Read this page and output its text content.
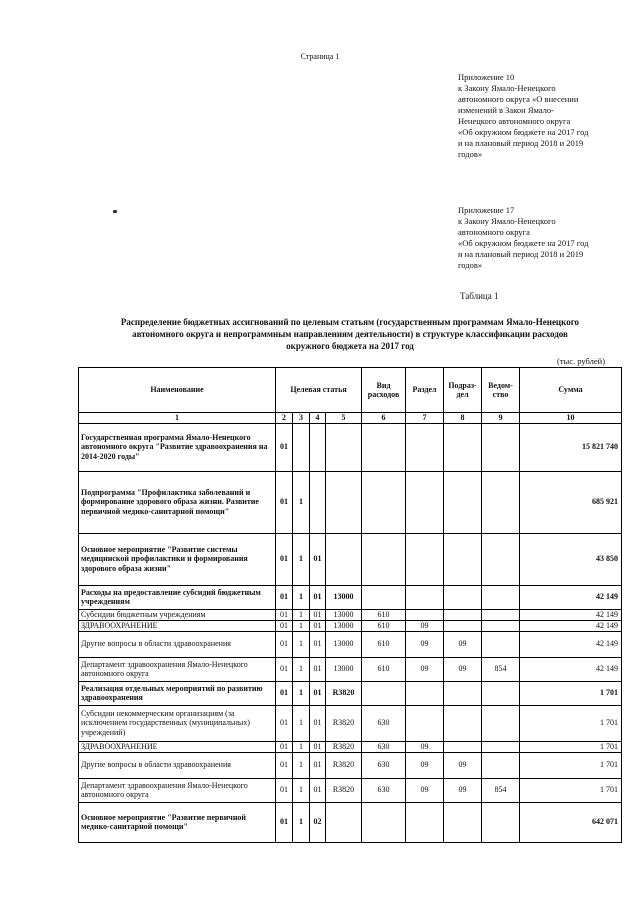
Страница 1
Приложение 10
к Закону Ямало-Ненецкого
автономного округа «О внесении
изменений в Закон Ямало-
Ненецкого автономного округа
«Об окружном бюджете на 2017 год
и на плановый период 2018 и 2019
годов»
Приложение 17
к Закону Ямало-Ненецкого
автономного округа
«Об окружном бюджете на 2017 год
и на плановый период 2018 и 2019
годов»
Таблица 1
Распределение бюджетных ассигнований по целевым статьям (государственным программам Ямало-Ненецкого
автономного округа и непрограммным направлениям деятельности) в структуре классификации расходов
окружного бюджета на 2017 год
(тыс. рублей)
Наименование	Целевая статья				Вид расходов	Раздел	Подраз- дел	Ведом- ство	Сумма
1	2	3	4	5	6	7	8	9	10
Государственная программа Ямало-Ненецкого автономного округа "Развитие здравоохранения на 2014-2020 годы"	01								15 821 740
Подпрограмма "Профилактика заболеваний и формирование здорового образа жизни. Развитие первичной медико-санитарной помощи"	01	1							685 921
Основное мероприятие "Развитие системы медицинской профилактики и формирования здорового образа жизни"	01	1	01						43 850
Расходы на предоставление субсидий бюджетным учреждениям	01	1	01	13000					42 149
Субсидии бюджетным учреждениям	01	1	01	13000	610				42 149
ЗДРАВООХРАНЕНИЕ	01	1	01	13000	610	09			42 149
Другие вопросы в области здравоохранения	01	1	01	13000	610	09	09		42 149
Департамент здравоохранения Ямало-Ненецкого автономного округа	01	1	01	13000	610	09	09	854	42 149
Реализация отдельных мероприятий по развитию здравоохранения	01	1	01	R3820					1 701
Субсидии некоммерческим организациям (за исключением государственных (муниципальных) учреждений)	01	1	01	R3820	630				1 701
ЗДРАВООХРАНЕНИЕ	01	1	01	R3820	630	09			1 701
Другие вопросы в области здравоохранения	01	1	01	R3820	630	09	09		1 701
Департамент здравоохранения Ямало-Ненецкого автономного округа	01	1	01	R3820	630	09	09	854	1 701
Основное мероприятие "Развитие первичной медико-санитарной помощи"	01	1	02						642 071
